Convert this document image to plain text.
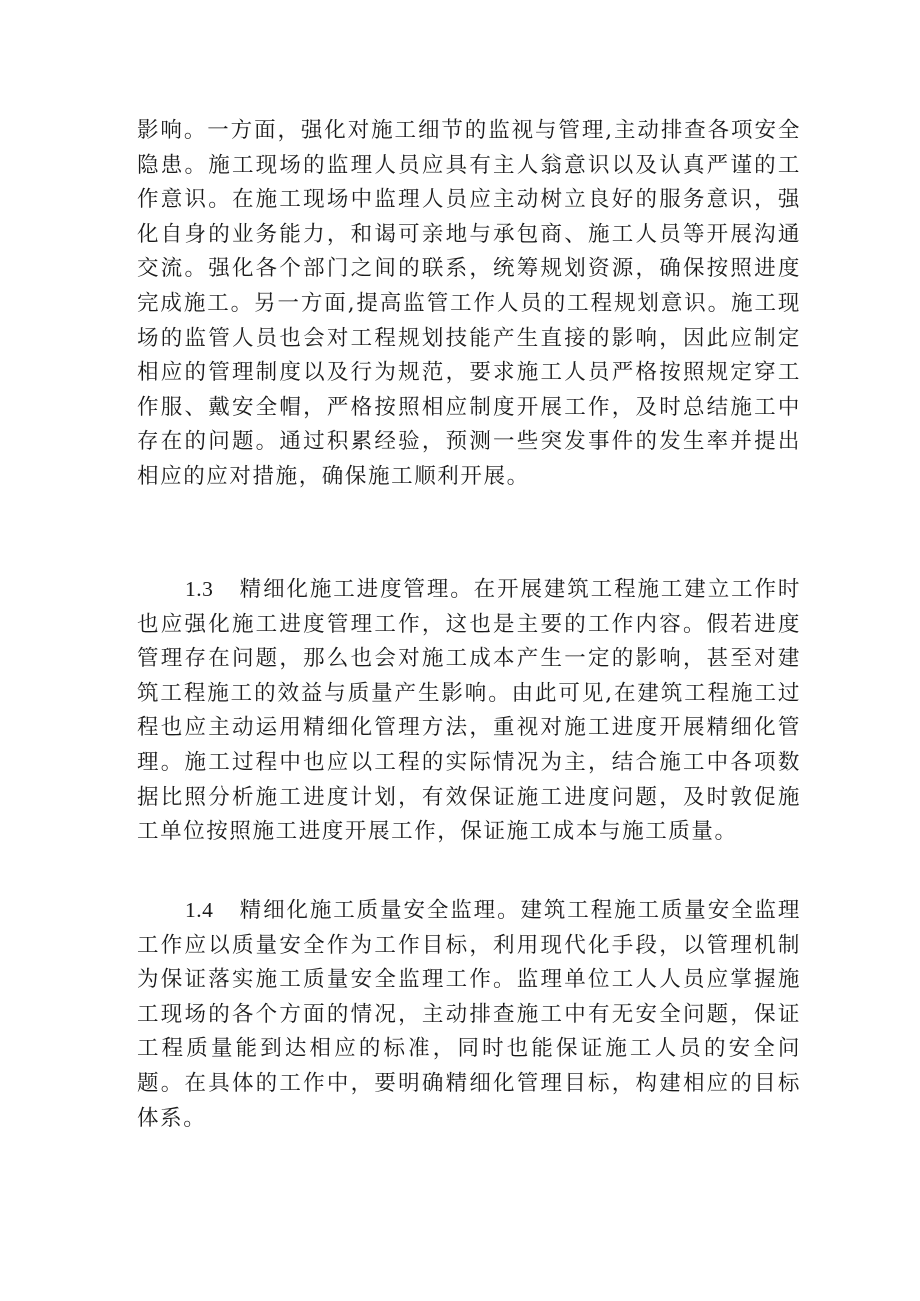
影响。一方面，强化对施工细节的监视与管理,主动排查各项安全隐患。施工现场的监理人员应具有主人翁意识以及认真严谨的工作意识。在施工现场中监理人员应主动树立良好的服务意识，强化自身的业务能力，和谒可亲地与承包商、施工人员等开展沟通交流。强化各个部门之间的联系，统筹规划资源，确保按照进度完成施工。另一方面,提高监管工作人员的工程规划意识。施工现场的监管人员也会对工程规划技能产生直接的影响，因此应制定相应的管理制度以及行为规范，要求施工人员严格按照规定穿工作服、戴安全帽，严格按照相应制度开展工作，及时总结施工中存在的问题。通过积累经验，预测一些突发事件的发生率并提出相应的应对措施，确保施工顺利开展。

1.3 精细化施工进度管理。在开展建筑工程施工建立工作时也应强化施工进度管理工作，这也是主要的工作内容。假若进度管理存在问题，那么也会对施工成本产生一定的影响，甚至对建筑工程施工的效益与质量产生影响。由此可见,在建筑工程施工过程也应主动运用精细化管理方法，重视对施工进度开展精细化管理。施工过程中也应以工程的实际情况为主，结合施工中各项数据比照分析施工进度计划，有效保证施工进度问题，及时敦促施工单位按照施工进度开展工作，保证施工成本与施工质量。

1.4 精细化施工质量安全监理。建筑工程施工质量安全监理工作应以质量安全作为工作目标，利用现代化手段，以管理机制为保证落实施工质量安全监理工作。监理单位工人人员应掌握施工现场的各个方面的情况，主动排查施工中有无安全问题，保证工程质量能到达相应的标准，同时也能保证施工人员的安全问题。在具体的工作中，要明确精细化管理目标，构建相应的目标体系。
